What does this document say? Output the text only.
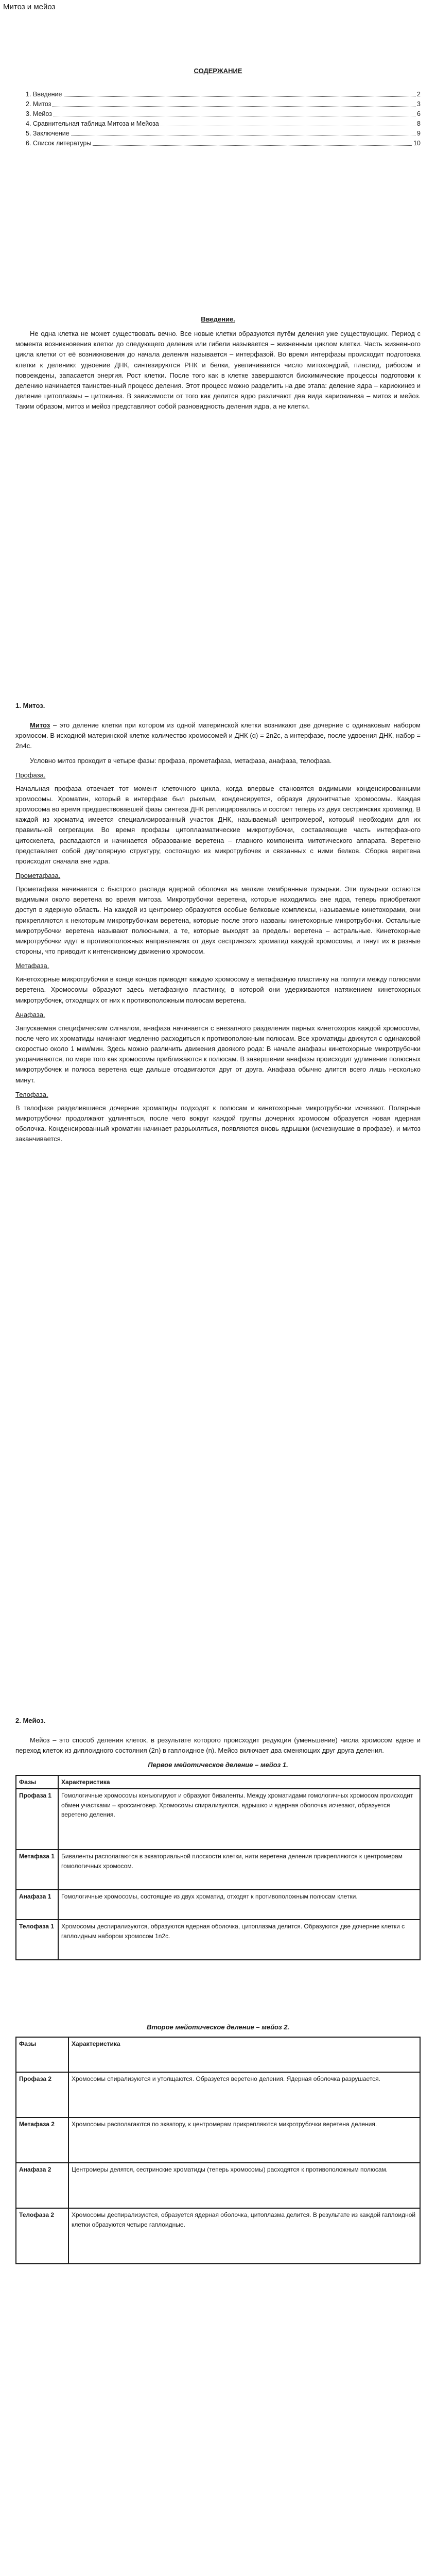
Митоз и мейоз

СОДЕРЖАНИЕ

1. Введение	2
2. Митоз	3
3. Мейоз	6
4. Сравнительная таблица Митоза и Мейоза	8
5. Заключение	9
6. Список литературы	10

Введение.

Не одна клетка не может существовать вечно. Все новые клетки образуются путём деления уже существующих. Период с момента возникновения клетки до следующего деления или гибели называется – жизненным циклом клетки. Часть жизненного цикла клетки от её возникновения до начала деления называется – интерфазой. Во время интерфазы происходит подготовка клетки к делению: удвоение ДНК, синтезируются РНК и белки, увеличивается число митохондрий, пластид, рибосом и повреждены, запасается энергия. Рост клетки. После того как в клетке завершаются биохимические процессы подготовки к делению начинается таинственный процесс деления. Этот процесс можно разделить на две этапа: деление ядра – кариокинез и деление цитоплазмы – цитокинез. В зависимости от того как делится ядро различают два вида кариокинеза – митоз и мейоз. Таким образом, митоз и мейоз представляют собой разновидность деления ядра, а не клетки.

1. Митоз.

Митоз – это деление клетки при котором из одной материнской клетки возникают две дочерние с одинаковым набором хромосом. В исходной материнской клетке количество хромосомей и ДНК (ɑ) = 2n2c, а интерфазе, после удвоения ДНК, набор = 2n4c.

Условно митоз проходит в четыре фазы: профаза, прометафаза, метафаза, анафаза, телофаза.

Профаза.

Начальная профаза отвечает тот момент клеточного цикла, когда впервые становятся видимыми конденсированными хромосомы. Хроматин, который в интерфазе был рыхлым, конденсируется, образуя двухнитчатые хромосомы. Каждая хромосома во время предшествовавшей фазы синтеза ДНК реплицировалась и состоит теперь из двух сестринских хроматид. В каждой из хроматид имеется специализированный участок ДНК, называемый центромерой, который необходим для их правильной сегрегации. Во время профазы цитоплазматические микротрубочки, составляющие часть интерфазного цитоскелета, распадаются и начинается образование веретена – главного компонента митотического аппарата. Веретено представляет собой двуполярную структуру, состоящую из микротрубочек и связанных с ними белков. Сборка веретена происходит сначала вне ядра.

Прометафаза.

Прометафаза начинается с быстрого распада ядерной оболочки на мелкие мембранные пузырьки. Эти пузырьки остаются видимыми около веретена во время митоза. Микротрубочки веретена, которые находились вне ядра, теперь приобретают доступ в ядерную область. На каждой из центромер образуются особые белковые комплексы, называемые кинетохорами, они прикрепляются к некоторым микротрубочкам веретена, которые после этого названы кинетохорные микротрубочки. Остальные микротрубочки веретена называют полюсными, а те, которые выходят за пределы веретена – астральные. Кинетохорные микротрубочки идут в противоположных направлениях от двух сестринских хроматид каждой хромосомы, и тянут их в разные стороны, что приводит к интенсивному движению хромосом.

Метафаза.

Кинетохорные микротрубочки в конце концов приводят каждую хромосому в метафазную пластинку на полпути между полюсами веретена. Хромосомы образуют здесь метафазную пластинку, в которой они удерживаются натяжением кинетохорных микротрубочек, отходящих от них к противоположным полюсам веретена.

Анафаза.

Запускаемая специфическим сигналом, анафаза начинается с внезапного разделения парных кинетохоров каждой хромосомы, после чего их хроматиды начинают медленно расходиться к противоположным полюсам. Все хроматиды движутся с одинаковой скоростью около 1 мкм/мин. Здесь можно различить движения двоякого рода: В начале анафазы кинетохорные микротрубочки укорачиваются, по мере того как хромосомы приближаются к полюсам. В завершении анафазы происходит удлинение полюсных микротрубочек и полюса веретена еще дальше отодвигаются друг от друга. Анафаза обычно длится всего лишь несколько минут.

Телофаза.

В телофазе разделившиеся дочерние хроматиды подходят к полюсам и кинетохорные микротрубочки исчезают. Полярные микротрубочки продолжают удлиняться, после чего вокруг каждой группы дочерних хромосом образуется новая ядерная оболочка. Конденсированный хроматин начинает разрыхляться, появляются вновь ядрышки (исчезнувшие в профазе), и митоз заканчивается.

2. Мейоз.

Мейоз – это способ деления клеток, в результате которого происходит редукция (уменьшение) числа хромосом вдвое и переход клеток из диплоидного состояния (2n) в гаплоидное (n). Мейоз включает два сменяющих друг друга деления.

Первое мейотическое деление – мейоз 1.

Фазы	Характеристика
Профаза 1	Гомологичные хромосомы конъюгируют и образуют биваленты. Между хроматидами гомологичных хромосом происходит обмен участками – кроссинговер. Хромосомы спирализуются, ядрышко и ядерная оболочка исчезают, образуется веретено деления.
Метафаза 1	Биваленты располагаются в экваториальной плоскости клетки, нити веретена деления прикрепляются к центромерам гомологичных хромосом.
Анафаза 1	Гомологичные хромосомы, состоящие из двух хроматид, отходят к противоположным полюсам клетки.
Телофаза 1	Хромосомы деспирализуются, образуются ядерная оболочка, цитоплазма делится. Образуются две дочерние клетки с гаплоидным набором хромосом 1n2c.

Второе мейотическое деление – мейоз 2.

Фазы	Характеристика
Профаза 2	Хромосомы спирализуются и утолщаются. Образуется веретено деления. Ядерная оболочка разрушается.
Метафаза 2	Хромосомы располагаются по экватору, к центромерам прикрепляются микротрубочки веретена деления.
Анафаза 2	Центромеры делятся, сестринские хроматиды (теперь хромосомы) расходятся к противоположным полюсам.
Телофаза 2	Хромосомы деспирализуются, образуется ядерная оболочка, цитоплазма делится. В результате из каждой гаплоидной клетки образуются четыре гаплоидные.
